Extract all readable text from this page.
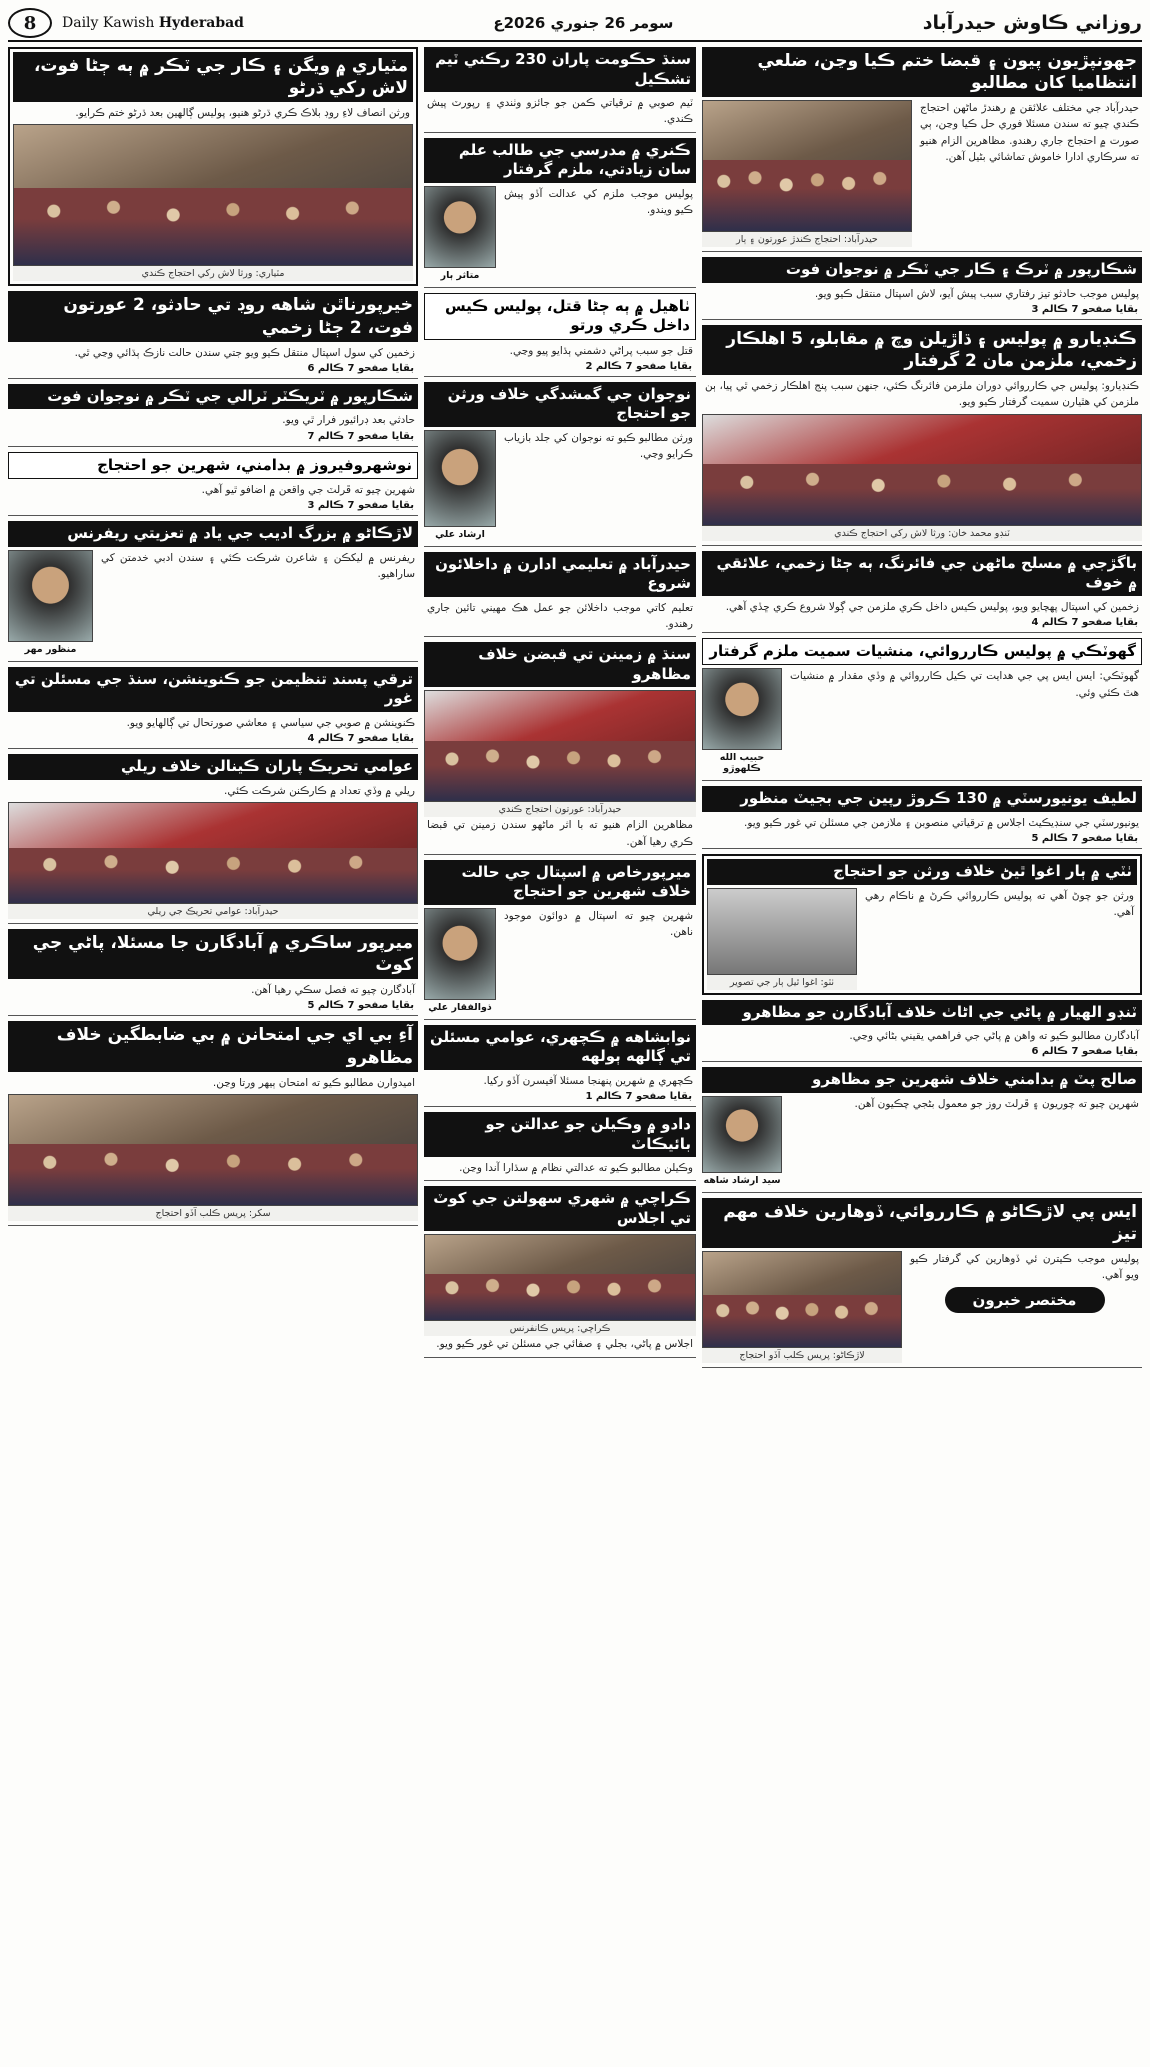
8	Daily Kawish Hyderabad	سومر 26 جنوري 2026ع	روزاني ڪاوش حيدرآباد
جهونپڙيون پيون ۽ قبضا ختم ڪيا وڃن، ضلعي انتظاميا کان مطالبو

حيدرآباد جي مختلف علائقن ۾ رهندڙ ماڻهن احتجاج ڪندي چيو ته سندن مسئلا فوري حل ڪيا وڃن، ٻي صورت ۾ احتجاج جاري رهندو. مظاهرين الزام هنيو ته سرڪاري ادارا خاموش تماشائي بڻيل آهن.

حيدرآباد: احتجاج ڪندڙ عورتون ۽ ٻار
شڪارپور ۾ ٽرڪ ۽ ڪار جي ٽڪر ۾ نوجوان فوت

پوليس موجب حادثو تيز رفتاري سبب پيش آيو، لاش اسپتال منتقل ڪيو ويو.

بقايا صفحو 7 ڪالم 3
ڪنڊيارو ۾ پوليس ۽ ڌاڙيلن وچ ۾ مقابلو، 5 اهلڪار زخمي، ملزمن مان 2 گرفتار

ڪنڊيارو: پوليس جي ڪارروائي دوران ملزمن فائرنگ ڪئي، جنهن سبب پنج اهلڪار زخمي ٿي پيا، ٻن ملزمن کي هٿيارن سميت گرفتار ڪيو ويو.

ٽنڊو محمد خان: ورثا لاش رکي احتجاج ڪندي
باگڙجي ۾ مسلح ماڻهن جي فائرنگ، ٻه ڄڻا زخمي، علائقي ۾ خوف

زخمين کي اسپتال پهچايو ويو، پوليس ڪيس داخل ڪري ملزمن جي ڳولا شروع ڪري ڇڏي آهي.

بقايا صفحو 7 ڪالم 4
گهوٽڪي ۾ پوليس ڪارروائي، منشيات سميت ملزم گرفتار

گهوٽڪي: ايس ايس پي جي هدايت تي ڪيل ڪارروائي ۾ وڏي مقدار ۾ منشيات هٿ ڪئي وئي.

حبيب الله ڪلهوڙو
لطيف يونيورسٽي ۾ 130 ڪروڙ رپين جي بجيٽ منظور

يونيورسٽي جي سنڊيڪيٽ اجلاس ۾ ترقياتي منصوبن ۽ ملازمن جي مسئلن تي غور ڪيو ويو.

بقايا صفحو 7 ڪالم 5
ٺٽي ۾ ٻار اغوا ٿيڻ خلاف ورثن جو احتجاج

ورثن جو چوڻ آهي ته پوليس ڪارروائي ڪرڻ ۾ ناڪام رهي آهي.

ٺٽو: اغوا ٿيل ٻار جي تصوير
ٽنڊو الهيار ۾ پاڻي جي اڻاٺ خلاف آبادگارن جو مظاهرو

آبادگارن مطالبو ڪيو ته واهن ۾ پاڻي جي فراهمي يقيني بڻائي وڃي.

بقايا صفحو 7 ڪالم 6
صالح پٽ ۾ بدامني خلاف شهرين جو مظاهرو

شهرين چيو ته چوريون ۽ ڦرلٽ روز جو معمول بڻجي چڪيون آهن.

سيد ارشاد شاهه
ايس پي لاڙڪاڻو ۾ ڪارروائي، ڏوهارين خلاف مهم تيز

پوليس موجب ڪيترن ئي ڏوهارين کي گرفتار ڪيو ويو آهي.

مختصر خبرون
لاڙڪاڻو: پريس ڪلب آڏو احتجاج
سنڌ حڪومت پاران 230 رڪني ٽيم تشڪيل

ٽيم صوبي ۾ ترقياتي ڪمن جو جائزو وٺندي ۽ رپورٽ پيش ڪندي.

ڪنري ۾ مدرسي جي طالب علم سان زيادتي، ملزم گرفتار

پوليس موجب ملزم کي عدالت آڏو پيش ڪيو ويندو.

متاثر ٻار
ٺاهيل ۾ ٻه ڄڻا قتل، پوليس ڪيس داخل ڪري ورتو

قتل جو سبب پراڻي دشمني ٻڌايو پيو وڃي.

بقايا صفحو 7 ڪالم 2
نوجوان جي گمشدگي خلاف ورثن جو احتجاج

ورثن مطالبو ڪيو ته نوجوان کي جلد بازياب ڪرايو وڃي.

ارشاد علي
حيدرآباد ۾ تعليمي ادارن ۾ داخلائون شروع

تعليم کاتي موجب داخلائن جو عمل هڪ مهيني تائين جاري رهندو.

سنڌ ۾ زمينن تي قبضن خلاف مظاهرو
حيدرآباد: عورتون احتجاج ڪندي

مظاهرين الزام هنيو ته با اثر ماڻهو سندن زمينن تي قبضا ڪري رهيا آهن.

ميرپورخاص ۾ اسپتال جي حالت خلاف شهرين جو احتجاج

شهرين چيو ته اسپتال ۾ دوائون موجود ناهن.

ذوالفقار علي
نوابشاهه ۾ ڪچهري، عوامي مسئلن تي ڳالهه ٻولهه

ڪچهري ۾ شهرين پنهنجا مسئلا آفيسرن آڏو رکيا.

بقايا صفحو 7 ڪالم 1
دادو ۾ وڪيلن جو عدالتن جو بائيڪاٽ

وڪيلن مطالبو ڪيو ته عدالتي نظام ۾ سڌارا آندا وڃن.

ڪراچي ۾ شهري سهولتن جي کوٽ تي اجلاس
ڪراچي: پريس ڪانفرنس

اجلاس ۾ پاڻي، بجلي ۽ صفائي جي مسئلن تي غور ڪيو ويو.

مٽياري ۾ ويگن ۽ ڪار جي ٽڪر ۾ ٻه ڄڻا فوت، لاش رکي ڌرڻو

ورثن انصاف لاءِ روڊ بلاڪ ڪري ڌرڻو هنيو، پوليس ڳالهين بعد ڌرڻو ختم ڪرايو.

مٽياري: ورثا لاش رکي احتجاج ڪندي
خيرپورناٿن شاهه روڊ تي حادثو، 2 عورتون فوت، 2 ڄڻا زخمي

زخمين کي سول اسپتال منتقل ڪيو ويو جتي سندن حالت نازڪ ٻڌائي وڃي ٿي.

بقايا صفحو 7 ڪالم 6
شڪارپور ۾ ٽريڪٽر ٽرالي جي ٽڪر ۾ نوجوان فوت

حادثي بعد ڊرائيور فرار ٿي ويو.

بقايا صفحو 7 ڪالم 7
نوشهروفيروز ۾ بدامني، شهرين جو احتجاج

شهرين چيو ته ڦرلٽ جي واقعن ۾ اضافو ٿيو آهي.

بقايا صفحو 7 ڪالم 3
لاڙڪاڻو ۾ بزرگ اديب جي ياد ۾ تعزيتي ريفرنس

ريفرنس ۾ ليکڪن ۽ شاعرن شرڪت ڪئي ۽ سندن ادبي خدمتن کي ساراهيو.

منظور مهر
ترقي پسند تنظيمن جو ڪنوينشن، سنڌ جي مسئلن تي غور

ڪنوينشن ۾ صوبي جي سياسي ۽ معاشي صورتحال تي ڳالهايو ويو.

بقايا صفحو 7 ڪالم 4
عوامي تحريڪ پاران ڪينالن خلاف ريلي

ريلي ۾ وڏي تعداد ۾ ڪارڪنن شرڪت ڪئي.

حيدرآباد: عوامي تحريڪ جي ريلي
ميرپور ساڪري ۾ آبادگارن جا مسئلا، پاڻي جي کوٽ

آبادگارن چيو ته فصل سڪي رهيا آهن.

بقايا صفحو 7 ڪالم 5
آءِ بي اي جي امتحانن ۾ بي ضابطگين خلاف مظاهرو

اميدوارن مطالبو ڪيو ته امتحان ٻيهر ورتا وڃن.

سکر: پريس ڪلب آڏو احتجاج
